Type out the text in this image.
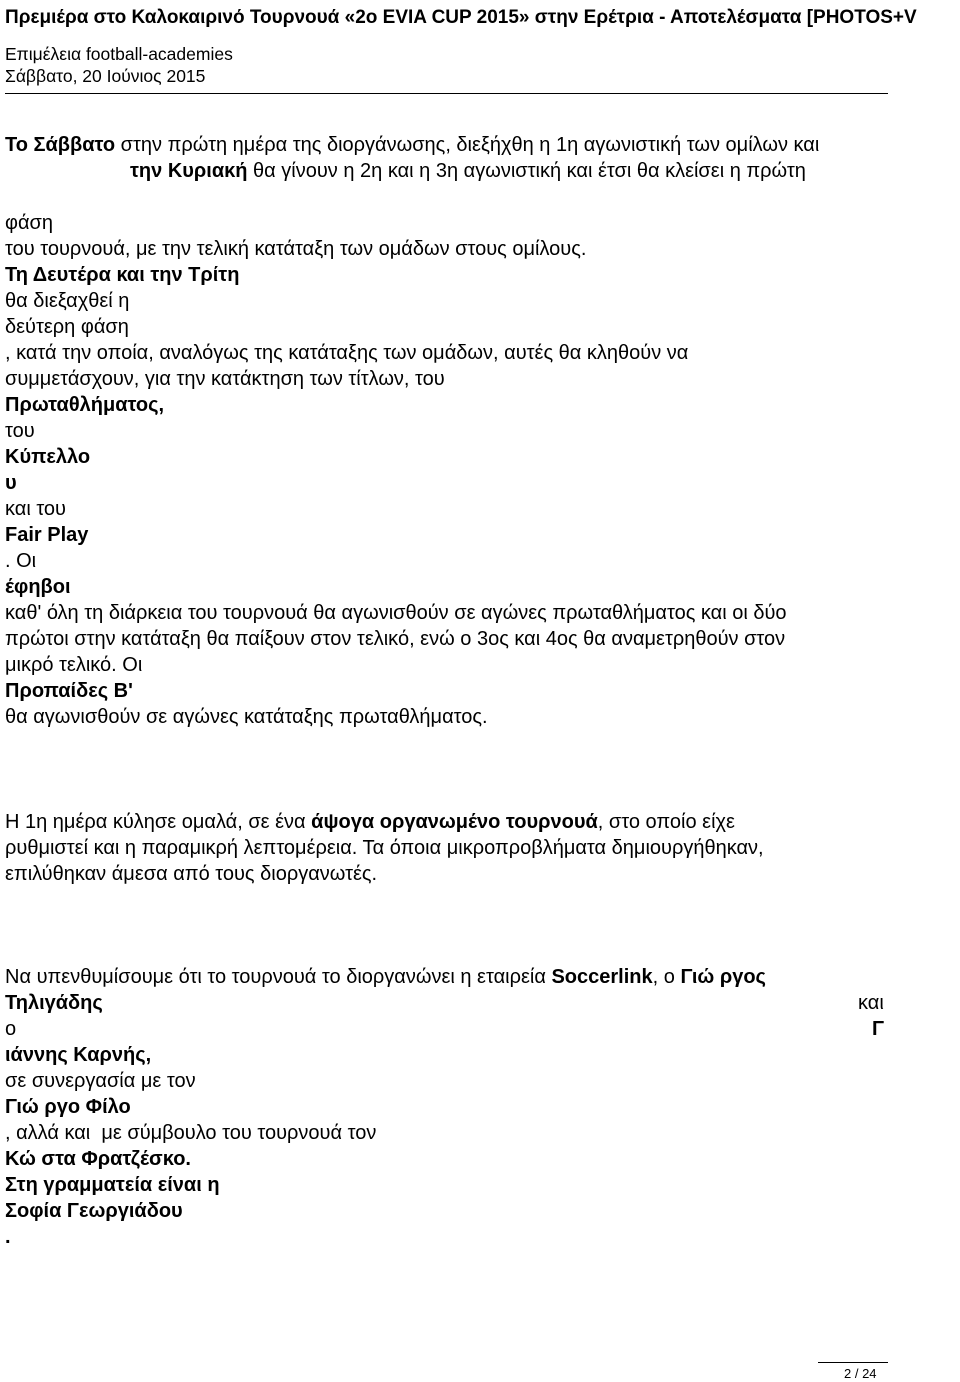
Πρεμιέρα στο Καλοκαιρινό Τουρνουά «2ο EVIA CUP 2015» στην Ερέτρια - Αποτελέσματα [PHOTOS+V
Επιμέλεια football-academies
Σάββατο, 20 Ιούνιος 2015
Το Σάββατο στην πρώτη ημέρα της διοργάνωσης, διεξήχθη η 1η αγωνιστική των ομίλων και
την Κυριακή θα γίνουν η 2η και η 3η αγωνιστική και έτσι θα κλείσει η πρώτη
φάση
του τουρνουά, με την τελική κατάταξη των ομάδων στους ομίλους.
Τη Δευτέρα και την Τρίτη
θα διεξαχθεί η
δεύτερη φάση
, κατά την οποία, αναλόγως της κατάταξης των ομάδων, αυτές θα κληθούν να
συμμετάσχουν, για την κατάκτηση των τίτλων, του
Πρωταθλήματος,
του
Κύπελλο
υ
και του
Fair Play
. Οι
έφηβοι
καθ' όλη τη διάρκεια του τουρνουά θα αγωνισθούν σε αγώνες πρωταθλήματος και οι δύο
πρώτοι στην κατάταξη θα παίξουν στον τελικό, ενώ ο 3ος και 4ος θα αναμετρηθούν στον
μικρό τελικό. Οι
Προπαίδες Β'
θα αγωνισθούν σε αγώνες κατάταξης πρωταθλήματος.
Η 1η ημέρα κύλησε ομαλά, σε ένα άψογα οργανωμένο τουρνουά, στο οποίο είχε
ρυθμιστεί και η παραμικρή λεπτομέρεια. Τα όποια μικροπροβλήματα δημιουργήθηκαν,
επιλύθηκαν άμεσα από τους διοργανωτές.
Να υπενθυμίσουμε ότι το τουρνουά το διοργανώνει η εταιρεία Soccerlink, ο Γιώ ργος
Τηλιγάδης	και
ο	Γ
ιάννης Καρνής,
σε συνεργασία με τον
Γιώ ργο Φίλο
, αλλά και  με σύμβουλο του τουρνουά τον
Κώ στα Φρατζέσκο.
Στη γραμματεία είναι η
Σοφία Γεωργιάδου
.
2 / 24
